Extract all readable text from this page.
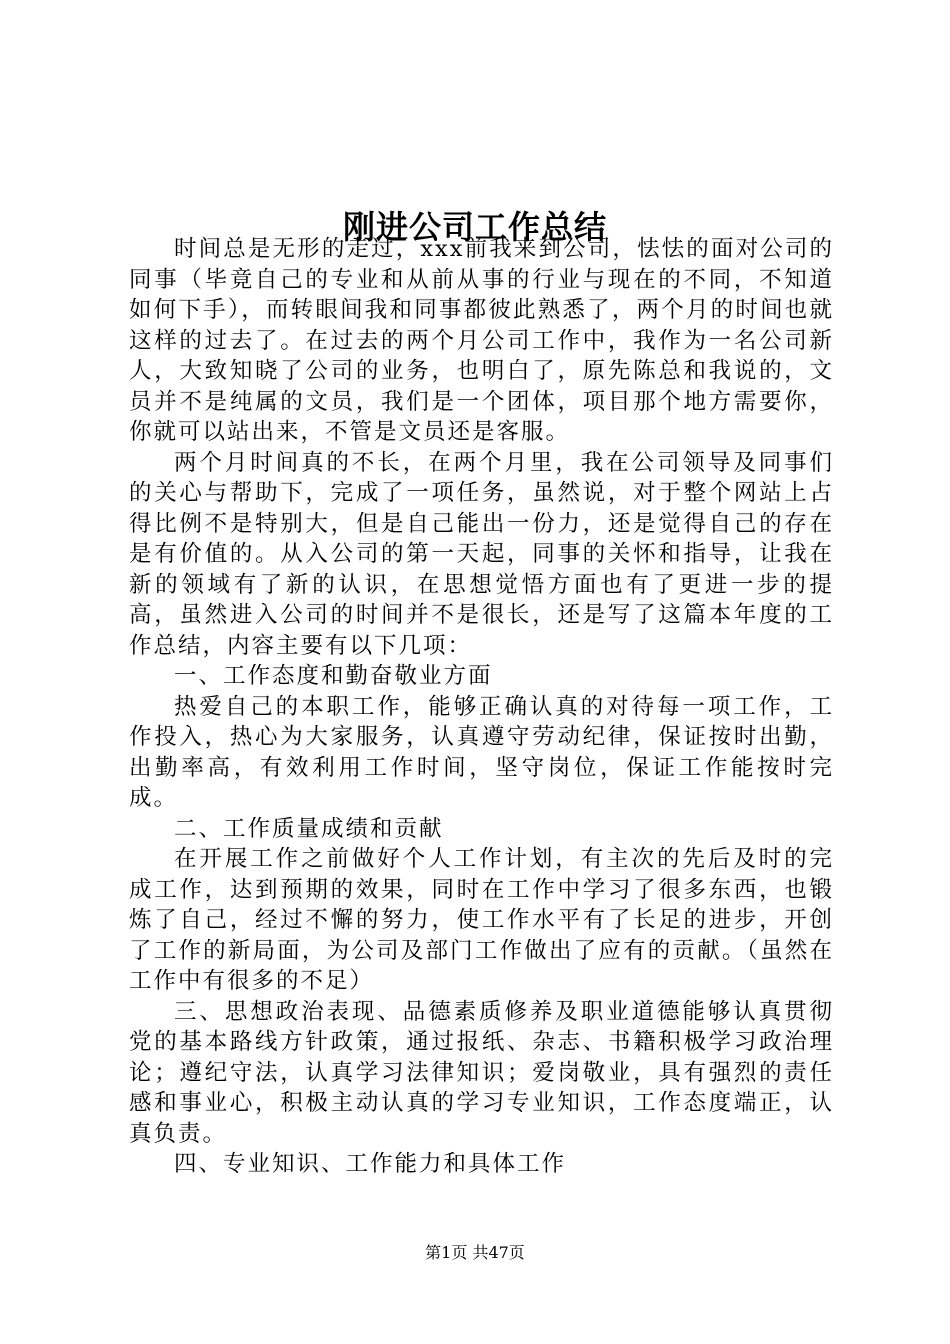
刚进公司工作总结

时间总是无形的走过，xxx前我来到公司，怯怯的面对公司的同事（毕竟自己的专业和从前从事的行业与现在的不同，不知道如何下手），而转眼间我和同事都彼此熟悉了，两个月的时间也就这样的过去了。在过去的两个月公司工作中，我作为一名公司新人，大致知晓了公司的业务，也明白了，原先陈总和我说的，文员并不是纯属的文员，我们是一个团体，项目那个地方需要你，你就可以站出来，不管是文员还是客服。

两个月时间真的不长，在两个月里，我在公司领导及同事们的关心与帮助下，完成了一项任务，虽然说，对于整个网站上占得比例不是特别大，但是自己能出一份力，还是觉得自己的存在是有价值的。从入公司的第一天起，同事的关怀和指导，让我在新的领域有了新的认识，在思想觉悟方面也有了更进一步的提高，虽然进入公司的时间并不是很长，还是写了这篇本年度的工作总结，内容主要有以下几项：

一、工作态度和勤奋敬业方面

热爱自己的本职工作，能够正确认真的对待每一项工作，工作投入，热心为大家服务，认真遵守劳动纪律，保证按时出勤，出勤率高，有效利用工作时间，坚守岗位，保证工作能按时完成。

二、工作质量成绩和贡献

在开展工作之前做好个人工作计划，有主次的先后及时的完成工作，达到预期的效果，同时在工作中学习了很多东西，也锻炼了自己，经过不懈的努力，使工作水平有了长足的进步，开创了工作的新局面，为公司及部门工作做出了应有的贡献。（虽然在工作中有很多的不足）

三、思想政治表现、品德素质修养及职业道德能够认真贯彻党的基本路线方针政策，通过报纸、杂志、书籍积极学习政治理论；遵纪守法，认真学习法律知识；爱岗敬业，具有强烈的责任感和事业心，积极主动认真的学习专业知识，工作态度端正，认真负责。

四、专业知识、工作能力和具体工作

第1页 共47页
